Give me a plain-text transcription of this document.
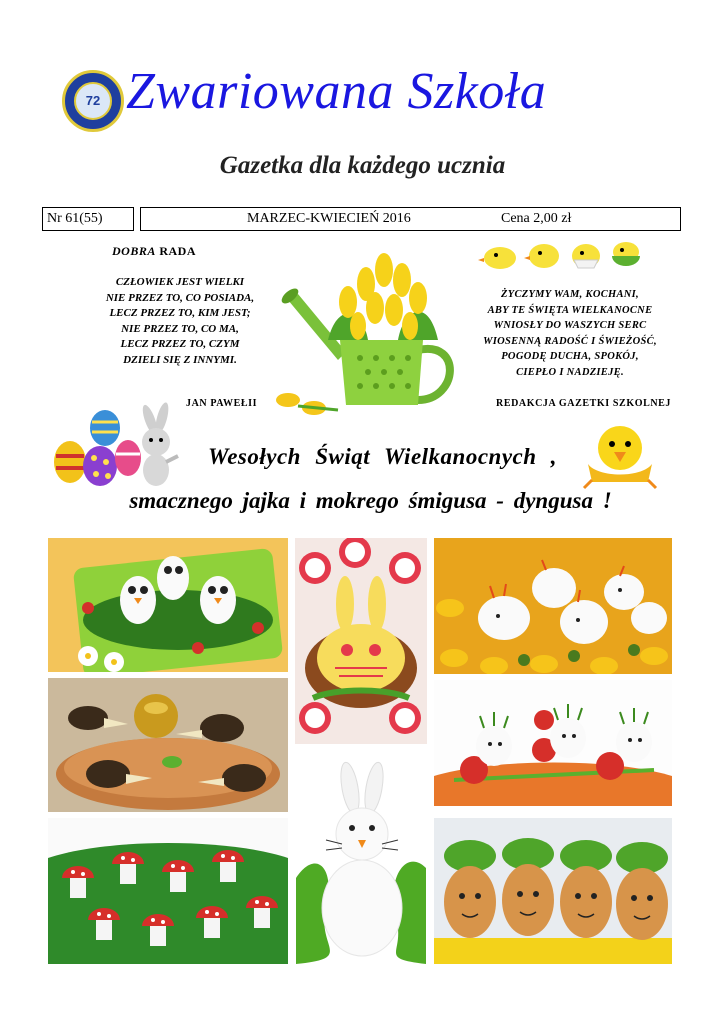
72 Zwariowana Szkoła
Gazetka dla każdego ucznia
Nr 61(55)	MARZEC-KWIECIEŃ 2016	Cena 2,00 zł
DOBRA RADA
CZŁOWIEK JEST WIELKI
NIE PRZEZ TO, CO POSIADA,
LECZ PRZEZ TO, KIM JEST;
NIE PRZEZ TO, CO MA,
LECZ PRZEZ TO, CZYM
DZIELI SIĘ Z INNYMI.
JAN PAWEŁII
ŻYCZYMY WAM, KOCHANI,
ABY TE ŚWIĘTA WIELKANOCNE
WNIOSŁY DO WASZYCH SERC
WIOSENNĄ RADOŚĆ I ŚWIEŻOŚĆ,
POGODĘ DUCHA, SPOKÓJ,
CIEPŁO I NADZIEJĘ.
REDAKCJA GAZETKI SZKOLNEJ
Wesołych Świąt Wielkanocnych ,
smacznego jajka i mokrego śmigusa - dyngusa !
